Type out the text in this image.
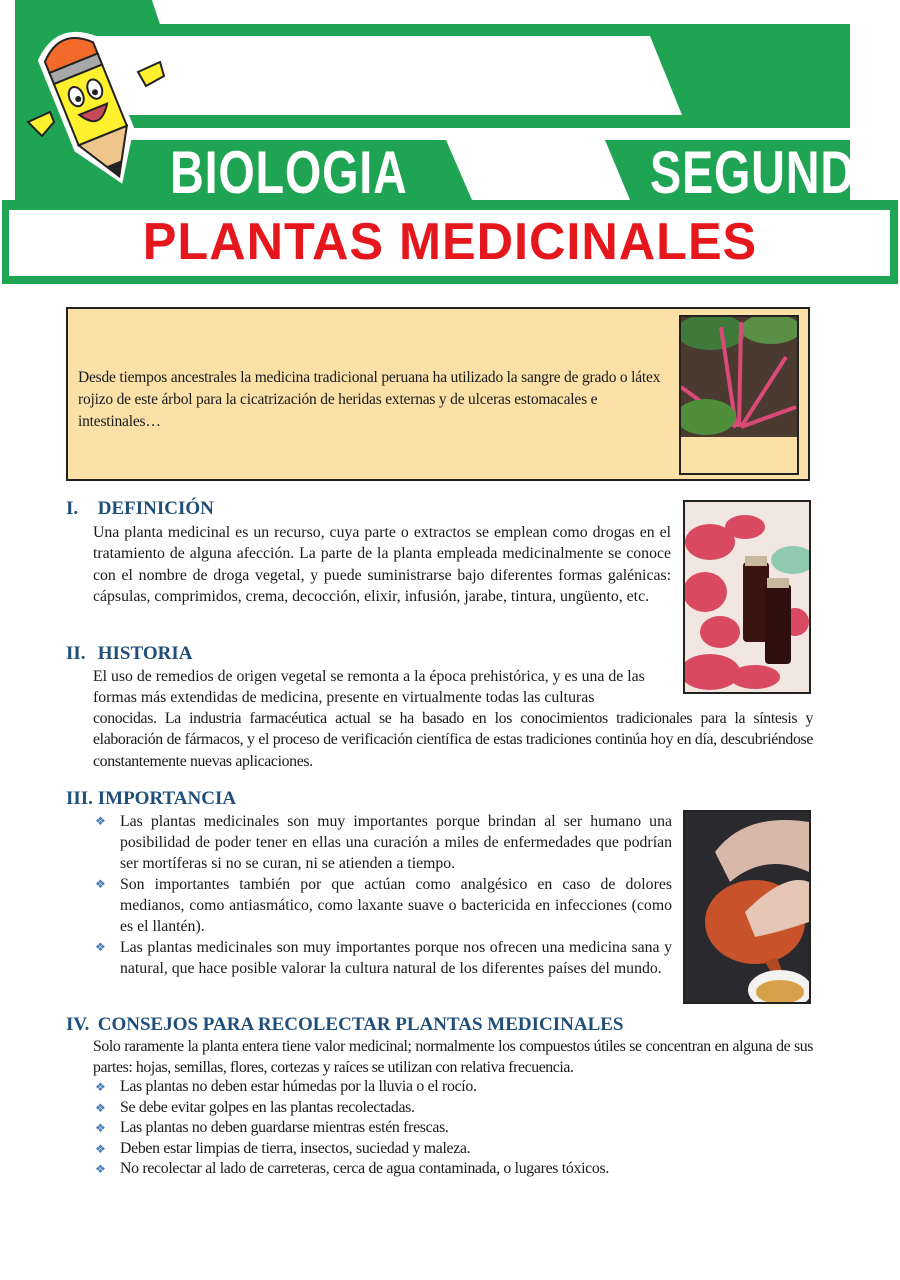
BIOLOGIA	SEGUNDO
PLANTAS MEDICINALES
Desde tiempos ancestrales la medicina tradicional peruana ha utilizado la sangre de grado o látex rojizo de este árbol para la cicatrización de heridas externas y de ulceras estomacales e intestinales…
I. DEFINICIÓN
Una planta medicinal es un recurso, cuya parte o extractos se emplean como drogas en el tratamiento de alguna afección. La parte de la planta empleada medicinalmente se conoce con el nombre de droga vegetal, y puede suministrarse bajo diferentes formas galénicas: cápsulas, comprimidos, crema, decocción, elixir, infusión, jarabe, tintura, ungüento, etc.
II. HISTORIA
El uso de remedios de origen vegetal se remonta a la época prehistórica, y es una de las formas más extendidas de medicina, presente en virtualmente todas las culturas
conocidas. La industria farmacéutica actual se ha basado en los conocimientos tradicionales para la síntesis y elaboración de fármacos, y el proceso de verificación científica de estas tradiciones continúa hoy en día, descubriéndose constantemente nuevas aplicaciones.
III. IMPORTANCIA
❖ Las plantas medicinales son muy importantes porque brindan al ser humano una posibilidad de poder tener en ellas una curación a miles de enfermedades que podrían ser mortíferas si no se curan, ni se atienden a tiempo.
❖ Son importantes también por que actúan como analgésico en caso de dolores medianos, como antiasmático, como laxante suave o bactericida en infecciones (como es el llantén).
❖ Las plantas medicinales son muy importantes porque nos ofrecen una medicina sana y natural, que hace posible valorar la cultura natural de los diferentes países del mundo.
IV. CONSEJOS PARA RECOLECTAR PLANTAS MEDICINALES
Solo raramente la planta entera tiene valor medicinal; normalmente los compuestos útiles se concentran en alguna de sus partes: hojas, semillas, flores, cortezas y raíces se utilizan con relativa frecuencia.
❖ Las plantas no deben estar húmedas por la lluvia o el rocío.
❖ Se debe evitar golpes en las plantas recolectadas.
❖ Las plantas no deben guardarse mientras estén frescas.
❖ Deben estar limpias de tierra, insectos, suciedad y maleza.
❖ No recolectar al lado de carreteras, cerca de agua contaminada, o lugares tóxicos.
